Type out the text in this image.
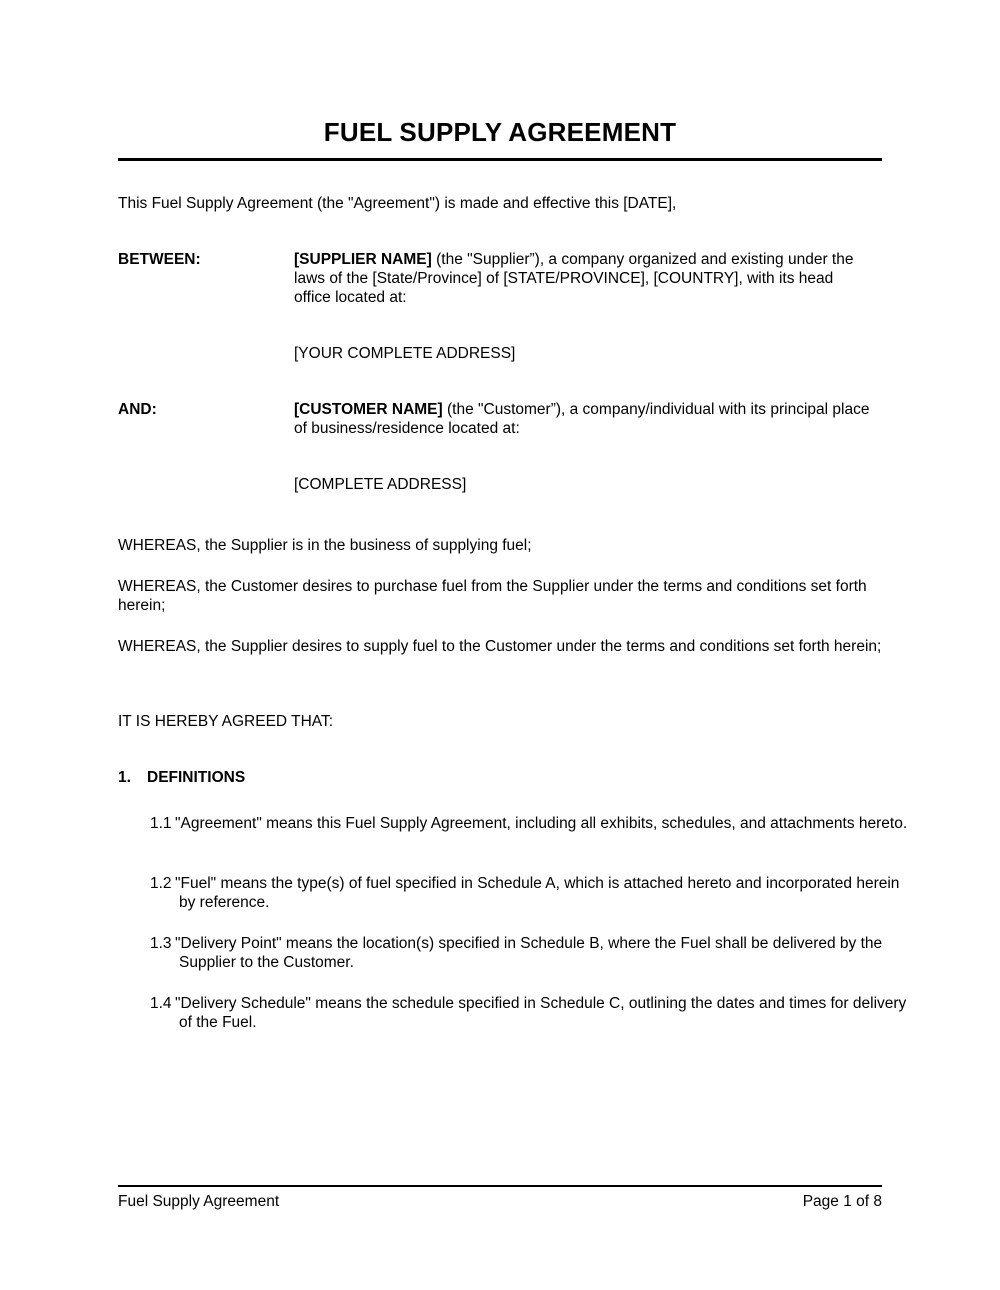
FUEL SUPPLY AGREEMENT

This Fuel Supply Agreement (the "Agreement") is made and effective this [DATE],

BETWEEN:	[SUPPLIER NAME] (the "Supplier”), a company organized and existing under the laws of the [State/Province] of [STATE/PROVINCE], [COUNTRY], with its head office located at:

[YOUR COMPLETE ADDRESS]

AND:	[CUSTOMER NAME] (the "Customer”), a company/individual with its principal place of business/residence located at:

[COMPLETE ADDRESS]

WHEREAS, the Supplier is in the business of supplying fuel;

WHEREAS, the Customer desires to purchase fuel from the Supplier under the terms and conditions set forth herein;

WHEREAS, the Supplier desires to supply fuel to the Customer under the terms and conditions set forth herein;

IT IS HEREBY AGREED THAT:

1. DEFINITIONS

1.1 "Agreement" means this Fuel Supply Agreement, including all exhibits, schedules, and attachments hereto.

1.2 "Fuel" means the type(s) of fuel specified in Schedule A, which is attached hereto and incorporated herein by reference.

1.3 "Delivery Point" means the location(s) specified in Schedule B, where the Fuel shall be delivered by the Supplier to the Customer.

1.4 "Delivery Schedule" means the schedule specified in Schedule C, outlining the dates and times for delivery of the Fuel.

Fuel Supply Agreement	Page 1 of 8
